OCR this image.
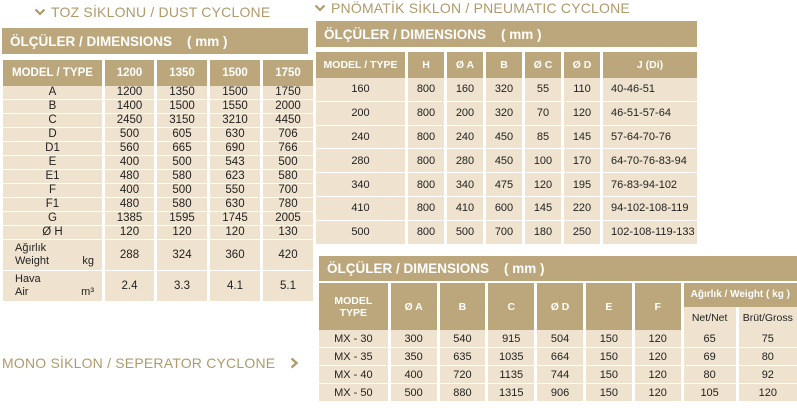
TOZ SİKLONU / DUST CYCLONE
ÖLÇÜLER / DIMENSIONS    ( mm )
MODEL / TYPE	1200	1350	1500	1750
A	1200	1350	1500	1750
B	1400	1500	1550	2000
C	2450	3150	3210	4450
D	500	605	630	706
D1	560	665	690	766
E	400	500	543	500
E1	480	580	623	580
F	400	500	550	700
F1	480	580	630	780
G	1385	1595	1745	2005
Ø H	120	120	120	130

Ağırlık
Weight kg	288	324	360	420

Hava
Air m³	2.4	3.3	4.1	5.1
PNÖMATİK SİKLON / PNEUMATIC CYCLONE
ÖLÇÜLER / DIMENSIONS    ( mm )
MODEL / TYPE	H	Ø A	B	Ø C	Ø D	J (Di)
160	800	160	320	55	110	40-46-51
200	800	200	320	70	120	46-51-57-64
240	800	240	450	85	145	57-64-70-76
280	800	280	450	100	170	64-70-76-83-94
340	800	340	475	120	195	76-83-94-102
410	800	410	600	145	220	94-102-108-119
500	800	500	700	180	250	102-108-119-133
MONO SİKLON / SEPERATOR CYCLONE
ÖLÇÜLER / DIMENSIONS    ( mm )
MODEL TYPE	Ø A	B	C	Ø D	E	F	Ağırlık / Weight ( kg )	
							Net/Net	Brüt/Gross
MX - 30	300	540	915	504	150	120	65	75
MX - 35	350	635	1035	664	150	120	69	80
MX - 40	400	720	1135	744	150	120	80	92
MX - 50	500	880	1315	906	150	120	105	120
